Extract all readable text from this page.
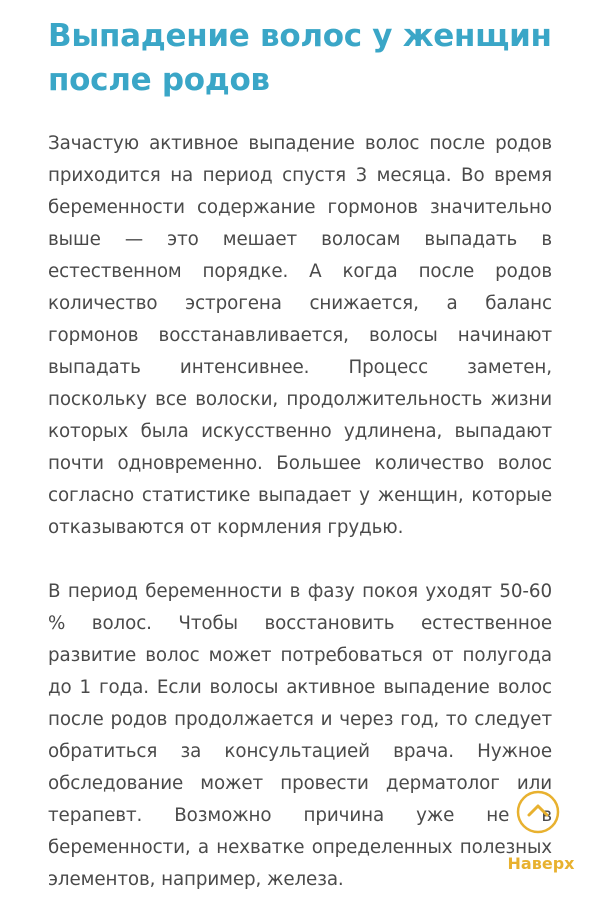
Выпадение волос у женщин после родов

Зачастую активное выпадение волос после родов приходится на период спустя 3 месяца. Во время беременности содержание гормонов значительно выше — это мешает волосам выпадать в естественном порядке. А когда после родов количество эстрогена снижается, а баланс гормонов восстанавливается, волосы начинают выпадать интенсивнее. Процесс заметен, поскольку все волоски, продолжительность жизни которых была искусственно удлинена, выпадают почти одновременно. Большее количество волос согласно статистике выпадает у женщин, которые отказываются от кормления грудью.

В период беременности в фазу покоя уходят 50-60 % волос. Чтобы восстановить естественное развитие волос может потребоваться от полугода до 1 года. Если волосы активное выпадение волос после родов продолжается и через год, то следует обратиться за консультацией врача. Нужное обследование может провести дерматолог или терапевт. Возможно причина уже не в беременности, а нехватке определенных полезных элементов, например, железа.

Наверх
